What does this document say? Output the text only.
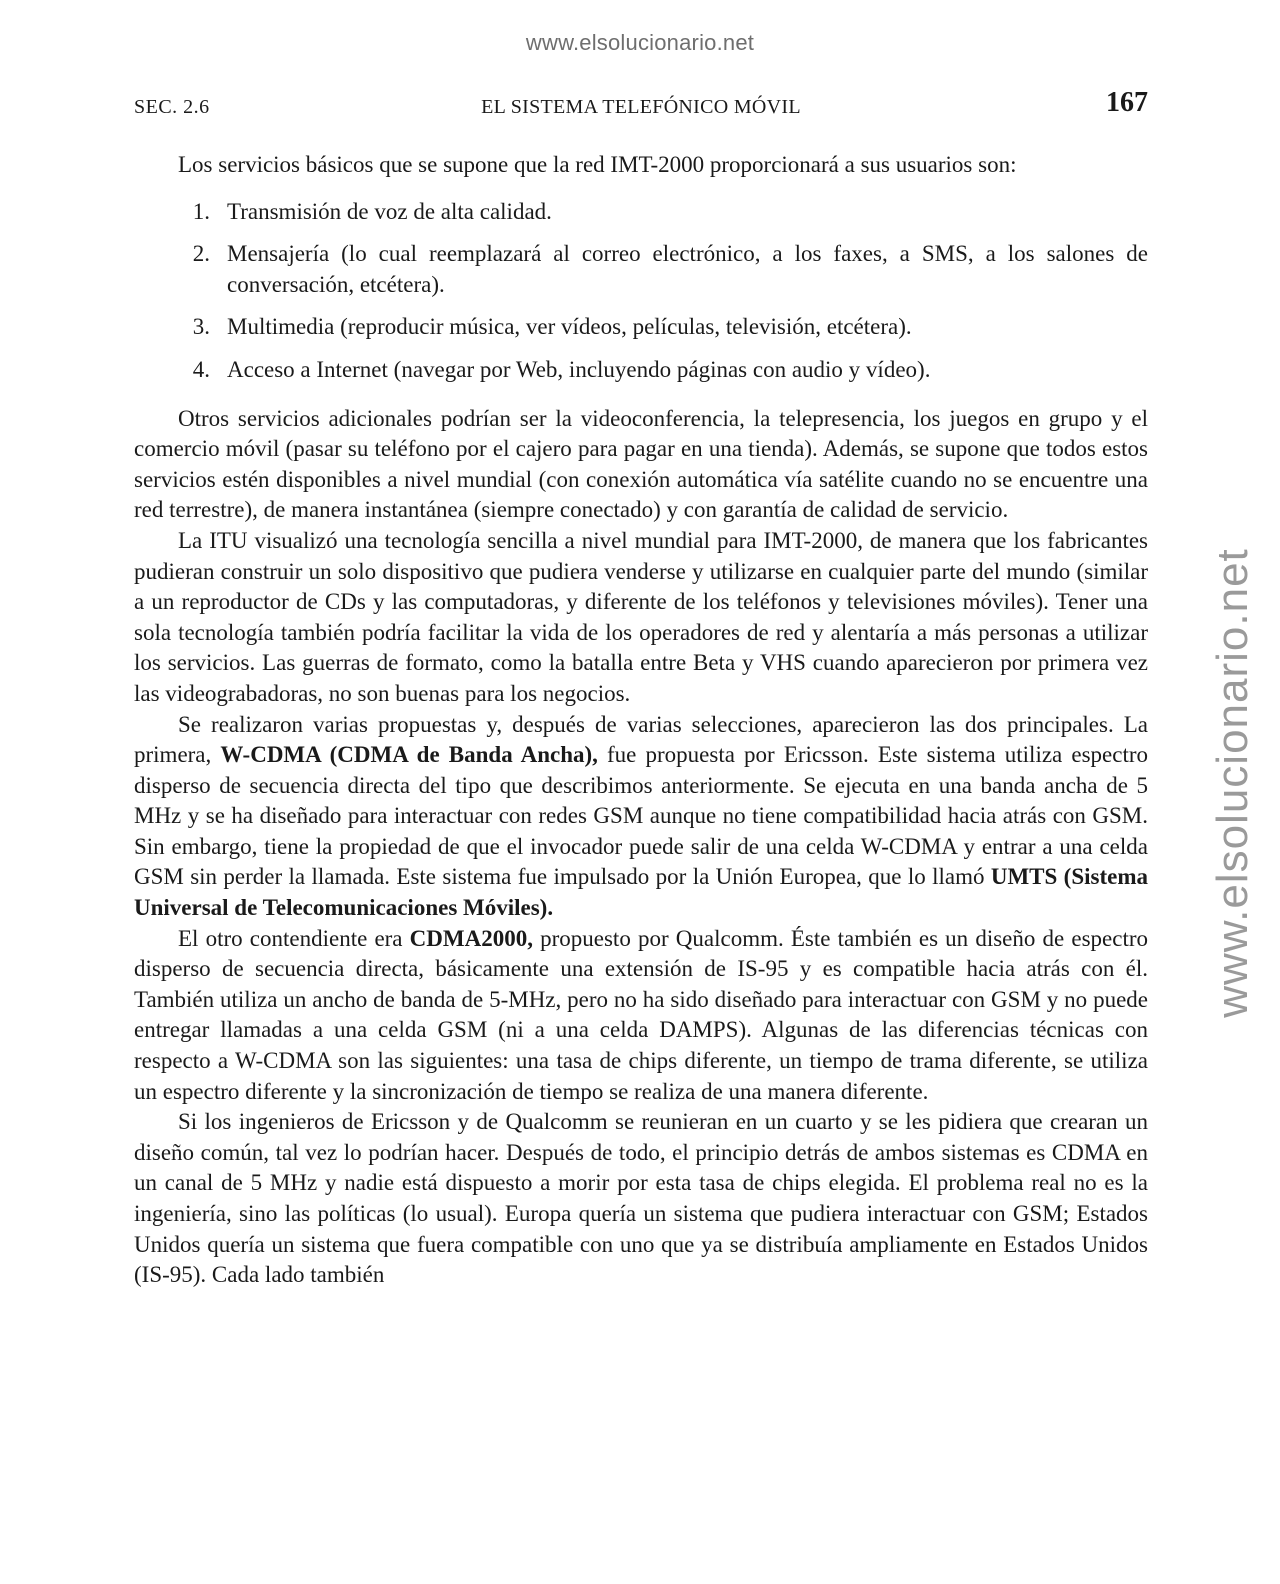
www.elsolucionario.net
www.elsolucionario.net
SEC. 2.6	EL SISTEMA TELEFÓNICO MÓVIL	167

Los servicios básicos que se supone que la red IMT-2000 proporcionará a sus usuarios son:

1. Transmisión de voz de alta calidad.
2. Mensajería (lo cual reemplazará al correo electrónico, a los faxes, a SMS, a los salones de conversación, etcétera).
3. Multimedia (reproducir música, ver vídeos, películas, televisión, etcétera).
4. Acceso a Internet (navegar por Web, incluyendo páginas con audio y vídeo).

Otros servicios adicionales podrían ser la videoconferencia, la telepresencia, los juegos en grupo y el comercio móvil (pasar su teléfono por el cajero para pagar en una tienda). Además, se supone que todos estos servicios estén disponibles a nivel mundial (con conexión automática vía satélite cuando no se encuentre una red terrestre), de manera instantánea (siempre conectado) y con garantía de calidad de servicio.

La ITU visualizó una tecnología sencilla a nivel mundial para IMT-2000, de manera que los fabricantes pudieran construir un solo dispositivo que pudiera venderse y utilizarse en cualquier parte del mundo (similar a un reproductor de CDs y las computadoras, y diferente de los teléfonos y televisiones móviles). Tener una sola tecnología también podría facilitar la vida de los operadores de red y alentaría a más personas a utilizar los servicios. Las guerras de formato, como la batalla entre Beta y VHS cuando aparecieron por primera vez las videograbadoras, no son buenas para los negocios.

Se realizaron varias propuestas y, después de varias selecciones, aparecieron las dos principales. La primera, W-CDMA (CDMA de Banda Ancha), fue propuesta por Ericsson. Este sistema utiliza espectro disperso de secuencia directa del tipo que describimos anteriormente. Se ejecuta en una banda ancha de 5 MHz y se ha diseñado para interactuar con redes GSM aunque no tiene compatibilidad hacia atrás con GSM. Sin embargo, tiene la propiedad de que el invocador puede salir de una celda W-CDMA y entrar a una celda GSM sin perder la llamada. Este sistema fue impulsado por la Unión Europea, que lo llamó UMTS (Sistema Universal de Telecomunicaciones Móviles).

El otro contendiente era CDMA2000, propuesto por Qualcomm. Éste también es un diseño de espectro disperso de secuencia directa, básicamente una extensión de IS-95 y es compatible hacia atrás con él. También utiliza un ancho de banda de 5-MHz, pero no ha sido diseñado para interactuar con GSM y no puede entregar llamadas a una celda GSM (ni a una celda DAMPS). Algunas de las diferencias técnicas con respecto a W-CDMA son las siguientes: una tasa de chips diferente, un tiempo de trama diferente, se utiliza un espectro diferente y la sincronización de tiempo se realiza de una manera diferente.

Si los ingenieros de Ericsson y de Qualcomm se reunieran en un cuarto y se les pidiera que crearan un diseño común, tal vez lo podrían hacer. Después de todo, el principio detrás de ambos sistemas es CDMA en un canal de 5 MHz y nadie está dispuesto a morir por esta tasa de chips elegida. El problema real no es la ingeniería, sino las políticas (lo usual). Europa quería un sistema que pudiera interactuar con GSM; Estados Unidos quería un sistema que fuera compatible con uno que ya se distribuía ampliamente en Estados Unidos (IS-95). Cada lado también
